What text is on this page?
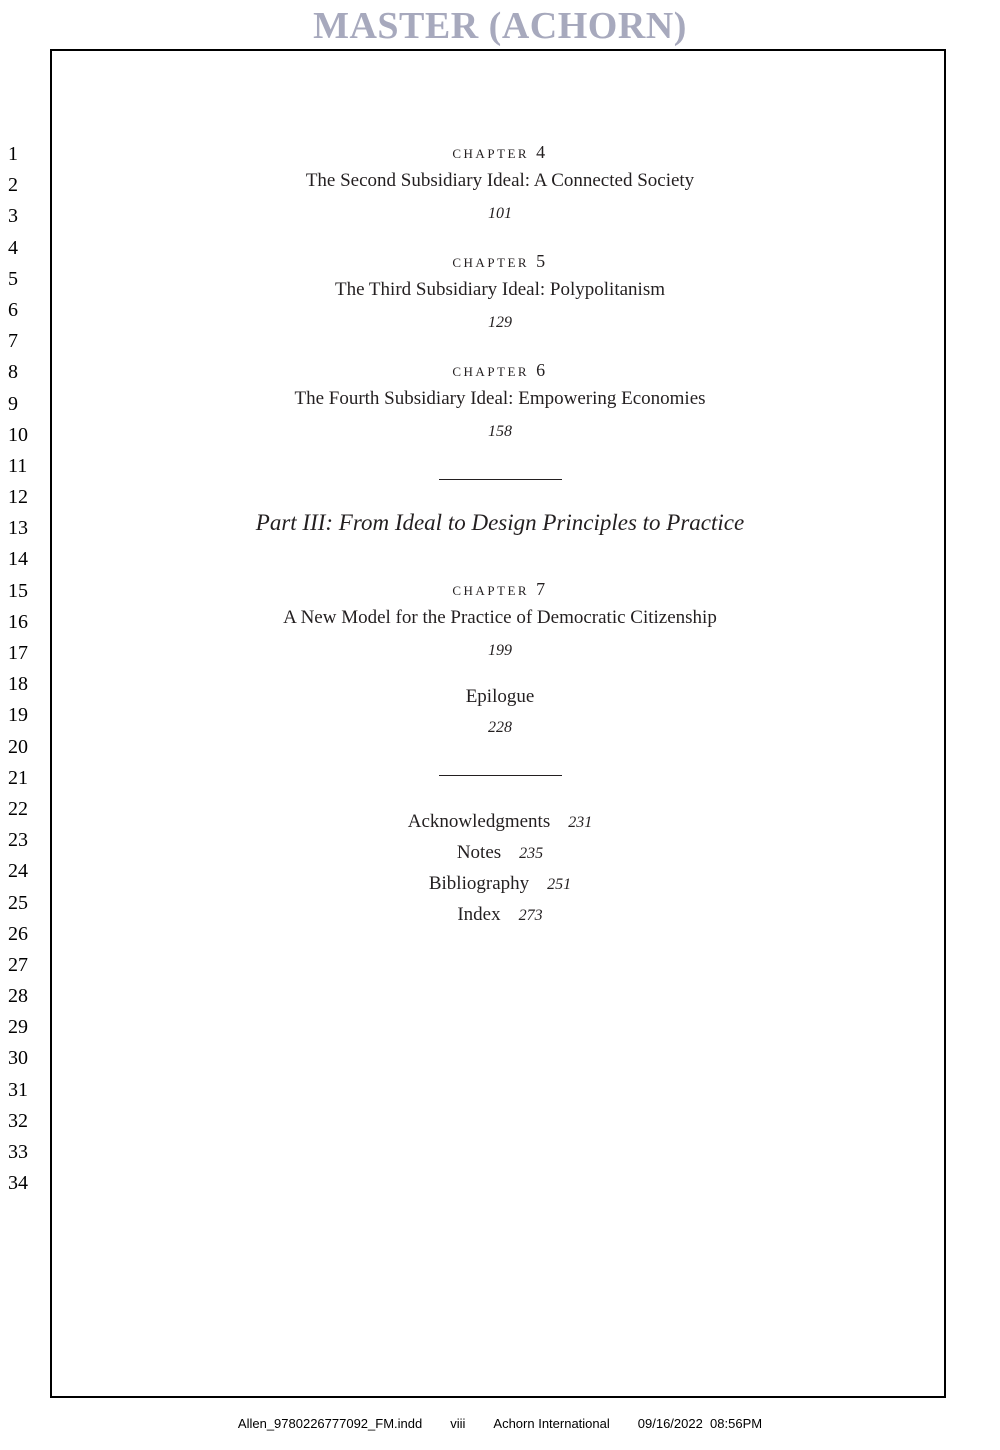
MASTER (ACHORN)
1
2
3
4
5
6
7
8
9
10
11
12
13
14
15
16
17
18
19
20
21
22
23
24
25
26
27
28
29
30
31
32
33
34
chapter 4
The Second Subsidiary Ideal: A Connected Society
101
chapter 5
The Third Subsidiary Ideal: Polypolitanism
129
chapter 6
The Fourth Subsidiary Ideal: Empowering Economies
158
Part III: From Ideal to Design Principles to Practice
chapter 7
A New Model for the Practice of Democratic Citizenship
199
Epilogue
228
Acknowledgments 231
Notes 235
Bibliography 251
Index 273
Allen_9780226777092_FM.indd viii Achorn International 09/16/2022  08:56PM
